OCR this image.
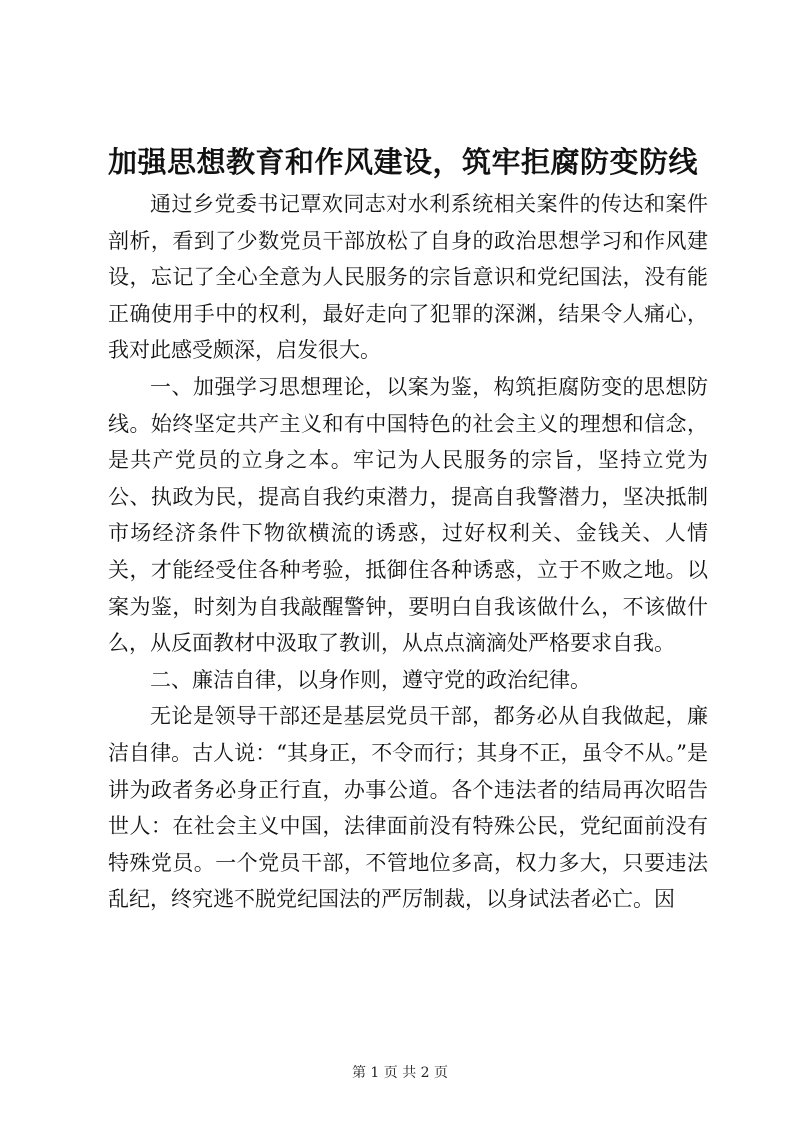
加强思想教育和作风建设，筑牢拒腐防变防线

通过乡党委书记覃欢同志对水利系统相关案件的传达和案件剖析，看到了少数党员干部放松了自身的政治思想学习和作风建设，忘记了全心全意为人民服务的宗旨意识和党纪国法，没有能正确使用手中的权利，最好走向了犯罪的深渊，结果令人痛心，我对此感受颇深，启发很大。

一、加强学习思想理论，以案为鉴，构筑拒腐防变的思想防线。始终坚定共产主义和有中国特色的社会主义的理想和信念，是共产党员的立身之本。牢记为人民服务的宗旨，坚持立党为公、执政为民，提高自我约束潜力，提高自我警潜力，坚决抵制市场经济条件下物欲横流的诱惑，过好权利关、金钱关、人情关，才能经受住各种考验，抵御住各种诱惑，立于不败之地。以案为鉴，时刻为自我敲醒警钟，要明白自我该做什么，不该做什么，从反面教材中汲取了教训，从点点滴滴处严格要求自我。

二、廉洁自律，以身作则，遵守党的政治纪律。

无论是领导干部还是基层党员干部，都务必从自我做起，廉洁自律。古人说：“其身正，不令而行；其身不正，虽令不从。”是讲为政者务必身正行直，办事公道。各个违法者的结局再次昭告世人：在社会主义中国，法律面前没有特殊公民，党纪面前没有特殊党员。一个党员干部，不管地位多高，权力多大，只要违法乱纪，终究逃不脱党纪国法的严厉制裁，以身试法者必亡。因

第 1 页 共 2 页
